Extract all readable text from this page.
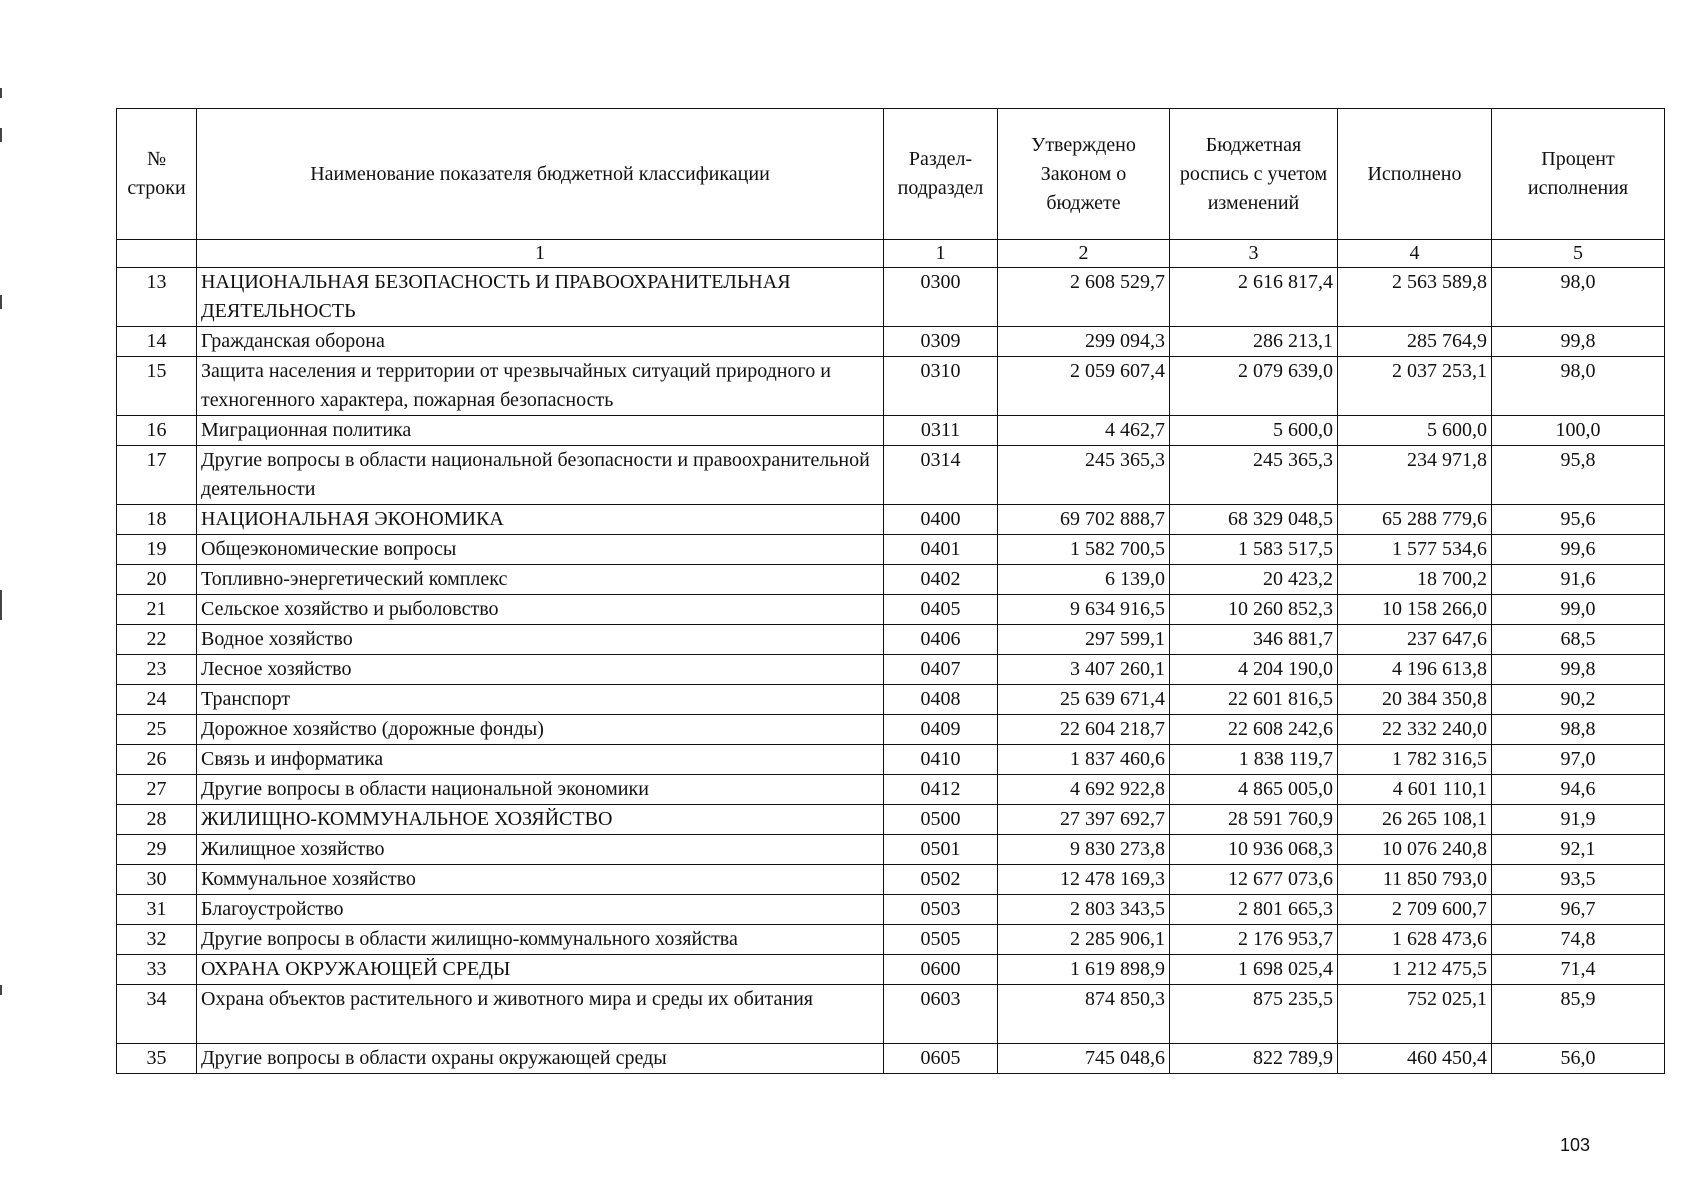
№ строки	Наименование показателя бюджетной классификации	Раздел-подраздел	Утверждено Законом о бюджете	Бюджетная роспись с учетом изменений	Исполнено	Процент исполнения
	1	1	2	3	4	5
13	НАЦИОНАЛЬНАЯ БЕЗОПАСНОСТЬ И ПРАВООХРАНИТЕЛЬНАЯ ДЕЯТЕЛЬНОСТЬ	0300	2 608 529,7	2 616 817,4	2 563 589,8	98,0
14	Гражданская оборона	0309	299 094,3	286 213,1	285 764,9	99,8
15	Защита населения и территории от чрезвычайных ситуаций природного и техногенного характера, пожарная безопасность	0310	2 059 607,4	2 079 639,0	2 037 253,1	98,0
16	Миграционная политика	0311	4 462,7	5 600,0	5 600,0	100,0
17	Другие вопросы в области национальной безопасности и правоохранительной деятельности	0314	245 365,3	245 365,3	234 971,8	95,8
18	НАЦИОНАЛЬНАЯ ЭКОНОМИКА	0400	69 702 888,7	68 329 048,5	65 288 779,6	95,6
19	Общеэкономические вопросы	0401	1 582 700,5	1 583 517,5	1 577 534,6	99,6
20	Топливно-энергетический комплекс	0402	6 139,0	20 423,2	18 700,2	91,6
21	Сельское хозяйство и рыболовство	0405	9 634 916,5	10 260 852,3	10 158 266,0	99,0
22	Водное хозяйство	0406	297 599,1	346 881,7	237 647,6	68,5
23	Лесное хозяйство	0407	3 407 260,1	4 204 190,0	4 196 613,8	99,8
24	Транспорт	0408	25 639 671,4	22 601 816,5	20 384 350,8	90,2
25	Дорожное хозяйство (дорожные фонды)	0409	22 604 218,7	22 608 242,6	22 332 240,0	98,8
26	Связь и информатика	0410	1 837 460,6	1 838 119,7	1 782 316,5	97,0
27	Другие вопросы в области национальной экономики	0412	4 692 922,8	4 865 005,0	4 601 110,1	94,6
28	ЖИЛИЩНО-КОММУНАЛЬНОЕ ХОЗЯЙСТВО	0500	27 397 692,7	28 591 760,9	26 265 108,1	91,9
29	Жилищное хозяйство	0501	9 830 273,8	10 936 068,3	10 076 240,8	92,1
30	Коммунальное хозяйство	0502	12 478 169,3	12 677 073,6	11 850 793,0	93,5
31	Благоустройство	0503	2 803 343,5	2 801 665,3	2 709 600,7	96,7
32	Другие вопросы в области жилищно-коммунального хозяйства	0505	2 285 906,1	2 176 953,7	1 628 473,6	74,8
33	ОХРАНА ОКРУЖАЮЩЕЙ СРЕДЫ	0600	1 619 898,9	1 698 025,4	1 212 475,5	71,4
34	Охрана объектов растительного и животного мира и среды их обитания	0603	874 850,3	875 235,5	752 025,1	85,9
35	Другие вопросы в области охраны окружающей среды	0605	745 048,6	822 789,9	460 450,4	56,0
103
